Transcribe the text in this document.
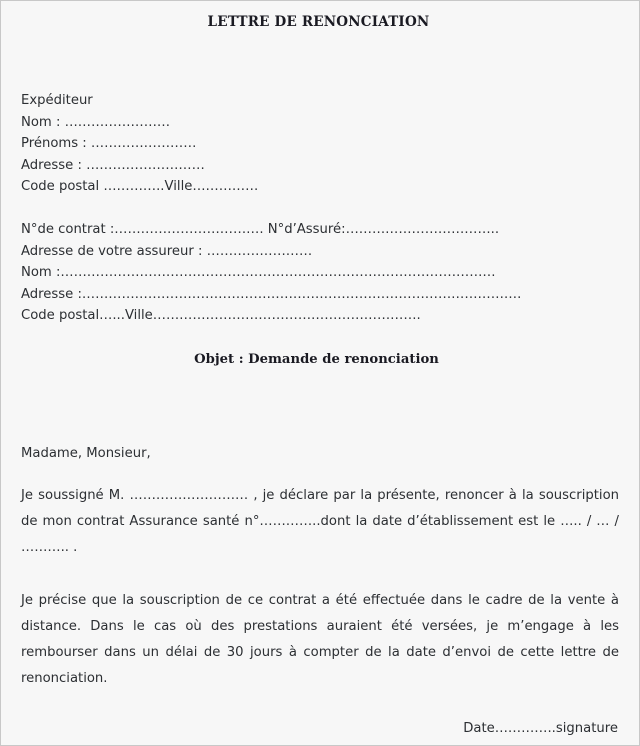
LETTRE DE RENONCIATION
Expéditeur
Nom : ……………………
Prénoms : ……………………
Adresse : ………………………
Code postal …………..Ville……………
N°de contrat :……………………………. N°d’Assuré:……………………………..
Adresse de votre assureur : ……………………
Nom :………………………………………………………………………………………
Adresse :……………………………………………………………………………………….
Code postal…...Ville…………………………………………………….
Objet : Demande de renonciation
Madame, Monsieur,
Je soussigné M. ……………………… , je déclare par la présente, renoncer à la souscription de mon contrat Assurance santé n°…………..dont la date d’établissement est le ….. / … / ……….. .
Je précise que la souscription de ce contrat a été effectuée dans le cadre de la vente à distance. Dans le cas où des prestations auraient été versées, je m’engage à les rembourser dans un délai de 30 jours à compter de la date d’envoi de cette lettre de renonciation.
Date…………..signature
